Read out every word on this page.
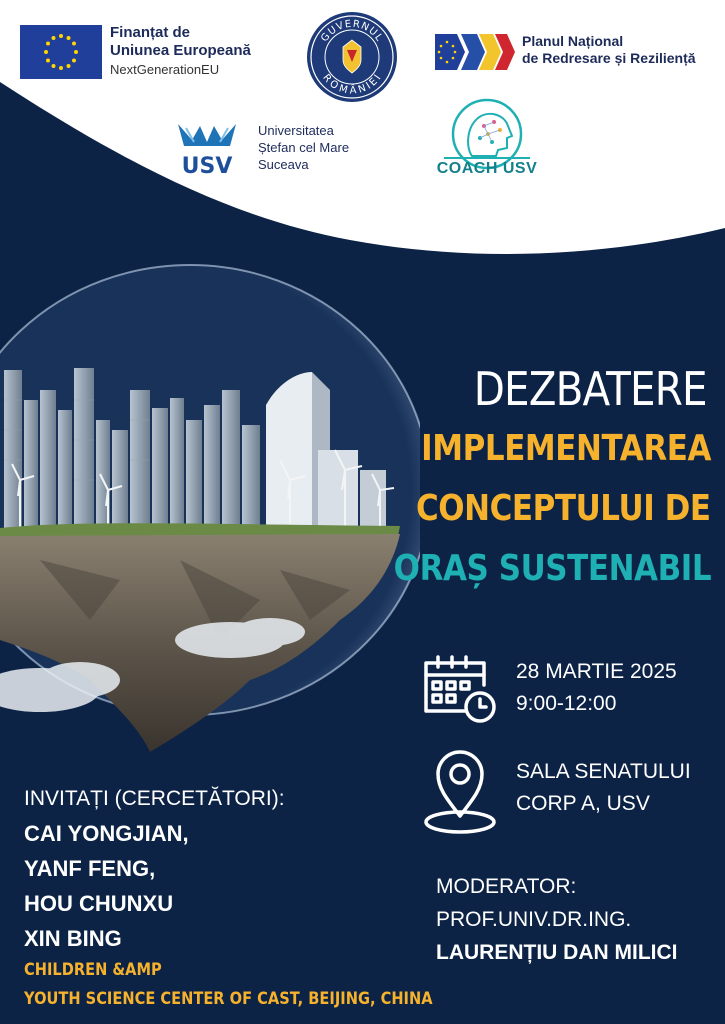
Finanțat de
Uniunea Europeană
NextGenerationEU
GUVERNUL
ROMÂNIEI
Planul Național
de Redresare și Reziliență
USV
Universitatea
Ștefan cel Mare
Suceava	COACH USV
DEZBATERE
IMPLEMENTAREA
CONCEPTULUI DE
ORAȘ SUSTENABIL
28 MARTIE 2025
9:00-12:00
SALA SENATULUI
CORP A, USV
MODERATOR:
PROF.UNIV.DR.ING.
LAURENȚIU DAN MILICI
INVITAȚI (CERCETĂTORI):
CAI YONGJIAN,
YANF FENG,
HOU CHUNXU
XIN BING
CHILDREN &AMP
YOUTH SCIENCE CENTER OF CAST, BEIJING, CHINA
